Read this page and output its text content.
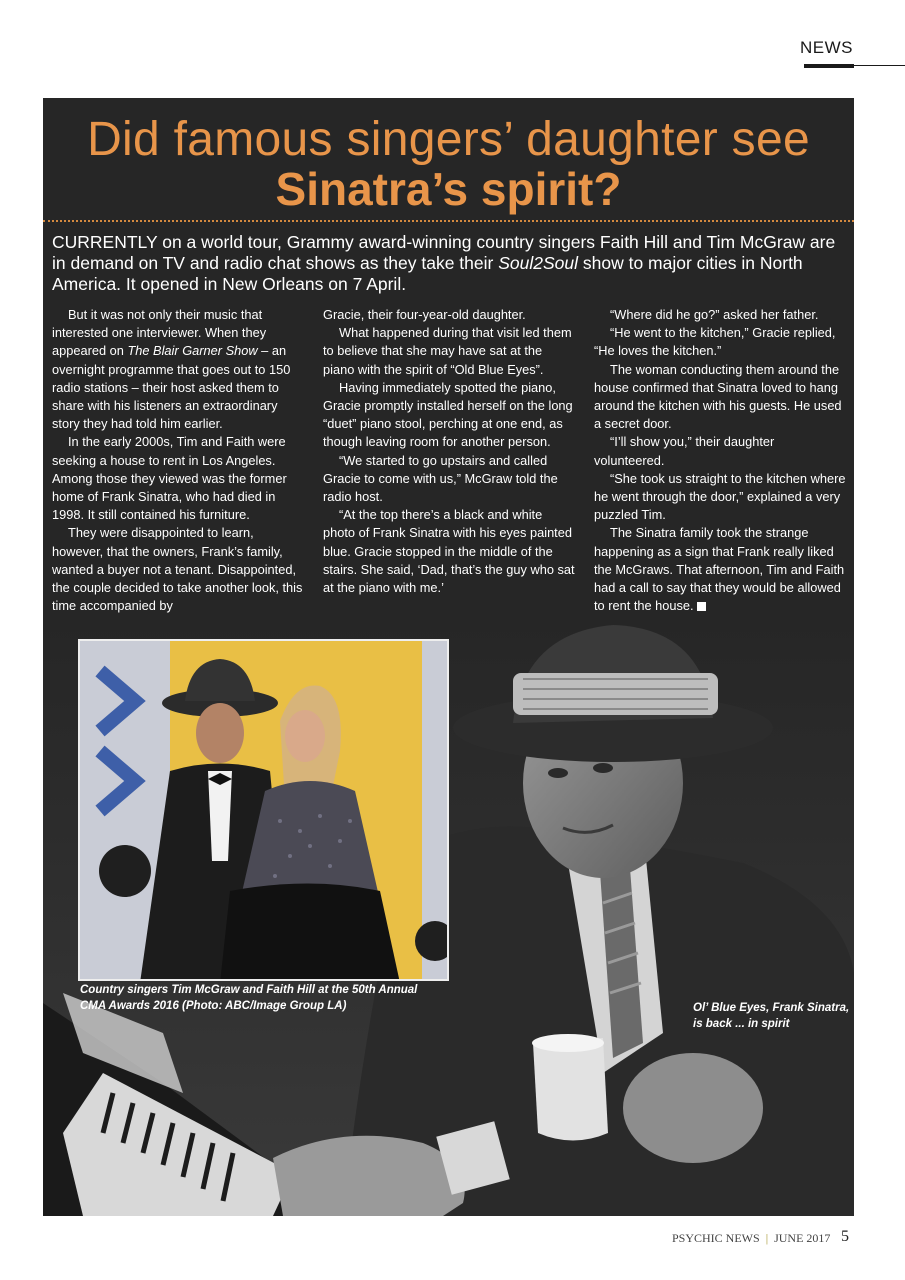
NEWS
Country singers Tim McGraw and Faith Hill at the 50th Annual CMA Awards 2016 (Photo: ABC/Image Group LA)	Ol’ Blue Eyes, Frank Sinatra, is back ... in spirit
Did famous singers’ daughter see
Sinatra’s spirit?
CURRENTLY on a world tour, Grammy award-winning country singers Faith Hill and Tim McGraw are in demand on TV and radio chat shows as they take their Soul2Soul show to major cities in North America. It opened in New Orleans on 7 April.

But it was not only their music that interested one interviewer. When they appeared on The Blair Garner Show – an overnight programme that goes out to 150 radio stations – their host asked them to share with his listeners an extraordinary story they had told him earlier.

In the early 2000s, Tim and Faith were seeking a house to rent in Los Angeles. Among those they viewed was the former home of Frank Sinatra, who had died in 1998. It still contained his furniture.

They were disappointed to learn, however, that the owners, Frank’s family, wanted a buyer not a tenant. Disappointed, the couple decided to take another look, this time accompanied by

Gracie, their four-year-old daughter.

What happened during that visit led them to believe that she may have sat at the piano with the spirit of “Old Blue Eyes”.

Having immediately spotted the piano, Gracie promptly installed herself on the long “duet” piano stool, perching at one end, as though leaving room for another person.

“We started to go upstairs and called Gracie to come with us,” McGraw told the radio host.

“At the top there’s a black and white photo of Frank Sinatra with his eyes painted blue. Gracie stopped in the middle of the stairs. She said, ‘Dad, that’s the guy who sat at the piano with me.’

“Where did he go?” asked her father.

“He went to the kitchen,” Gracie replied, “He loves the kitchen.”

The woman conducting them around the house confirmed that Sinatra loved to hang around the kitchen with his guests. He used a secret door.

“I’ll show you,” their daughter volunteered.

“She took us straight to the kitchen where he went through the door,” explained a very puzzled Tim.

The Sinatra family took the strange happening as a sign that Frank really liked the McGraws. That afternoon, Tim and Faith had a call to say that they would be allowed to rent the house.

PSYCHIC NEWS | JUNE 2017 5
